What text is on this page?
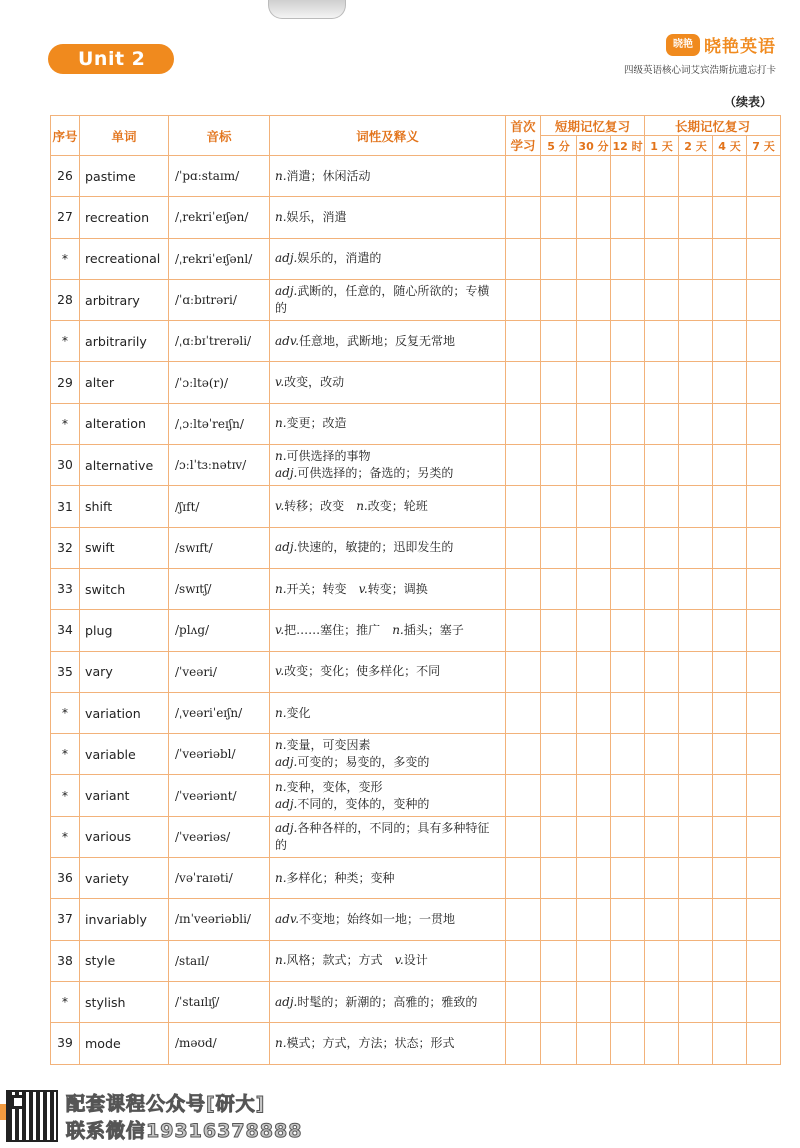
Unit 2
晓艳 晓艳英语
四级英语核心词艾宾浩斯抗遗忘打卡
（续表）
序号	单词	音标	词性及释义	首次学习	短期记忆复习			长期记忆复习			
					5 分	30 分	12 时	1 天	2 天	4 天	7 天
26	pastime	/ˈpɑːstaɪm/	n.消遣；休闲活动								

27	recreation	/ˌrekriˈeɪʃən/	n.娱乐，消遣								

*	recreational	/ˌrekriˈeɪʃənl/	adj.娱乐的，消遣的								

28	arbitrary	/ˈɑːbɪtrəri/	adj.武断的，任意的，随心所欲的；专横的								

*	arbitrarily	/ˌɑːbɪˈtrerəli/	adv.任意地，武断地；反复无常地								

29	alter	/ˈɔːltə(r)/	v.改变，改动								

*	alteration	/ˌɔːltəˈreɪʃn/	n.变更；改造								

30	alternative	/ɔːlˈtɜːnətɪv/	n.可供选择的事物
adj.可供选择的；备选的；另类的								

31	shift	/ʃɪft/	v.转移；改变　n.改变；轮班								

32	swift	/swɪft/	adj.快速的，敏捷的；迅即发生的								

33	switch	/swɪtʃ/	n.开关；转变　v.转变；调换								

34	plug	/plʌg/	v.把……塞住；推广　n.插头；塞子								

35	vary	/ˈveəri/	v.改变；变化；使多样化；不同								

*	variation	/ˌveəriˈeɪʃn/	n.变化								

*	variable	/ˈveəriəbl/	n.变量，可变因素
adj.可变的；易变的，多变的								

*	variant	/ˈveəriənt/	n.变种，变体，变形
adj.不同的，变体的，变种的								

*	various	/ˈveəriəs/	adj.各种各样的，不同的；具有多种特征的								

36	variety	/vəˈraɪəti/	n.多样化；种类；变种								

37	invariably	/ɪnˈveəriəbli/	adv.不变地；始终如一地；一贯地								

38	style	/staɪl/	n.风格；款式；方式　v.设计								

*	stylish	/ˈstaɪlɪʃ/	adj.时髦的；新潮的；高雅的；雅致的								

39	mode	/məʊd/	n.模式；方式，方法；状态；形式								

配套课程公众号[研大]
联系微信19316378888
